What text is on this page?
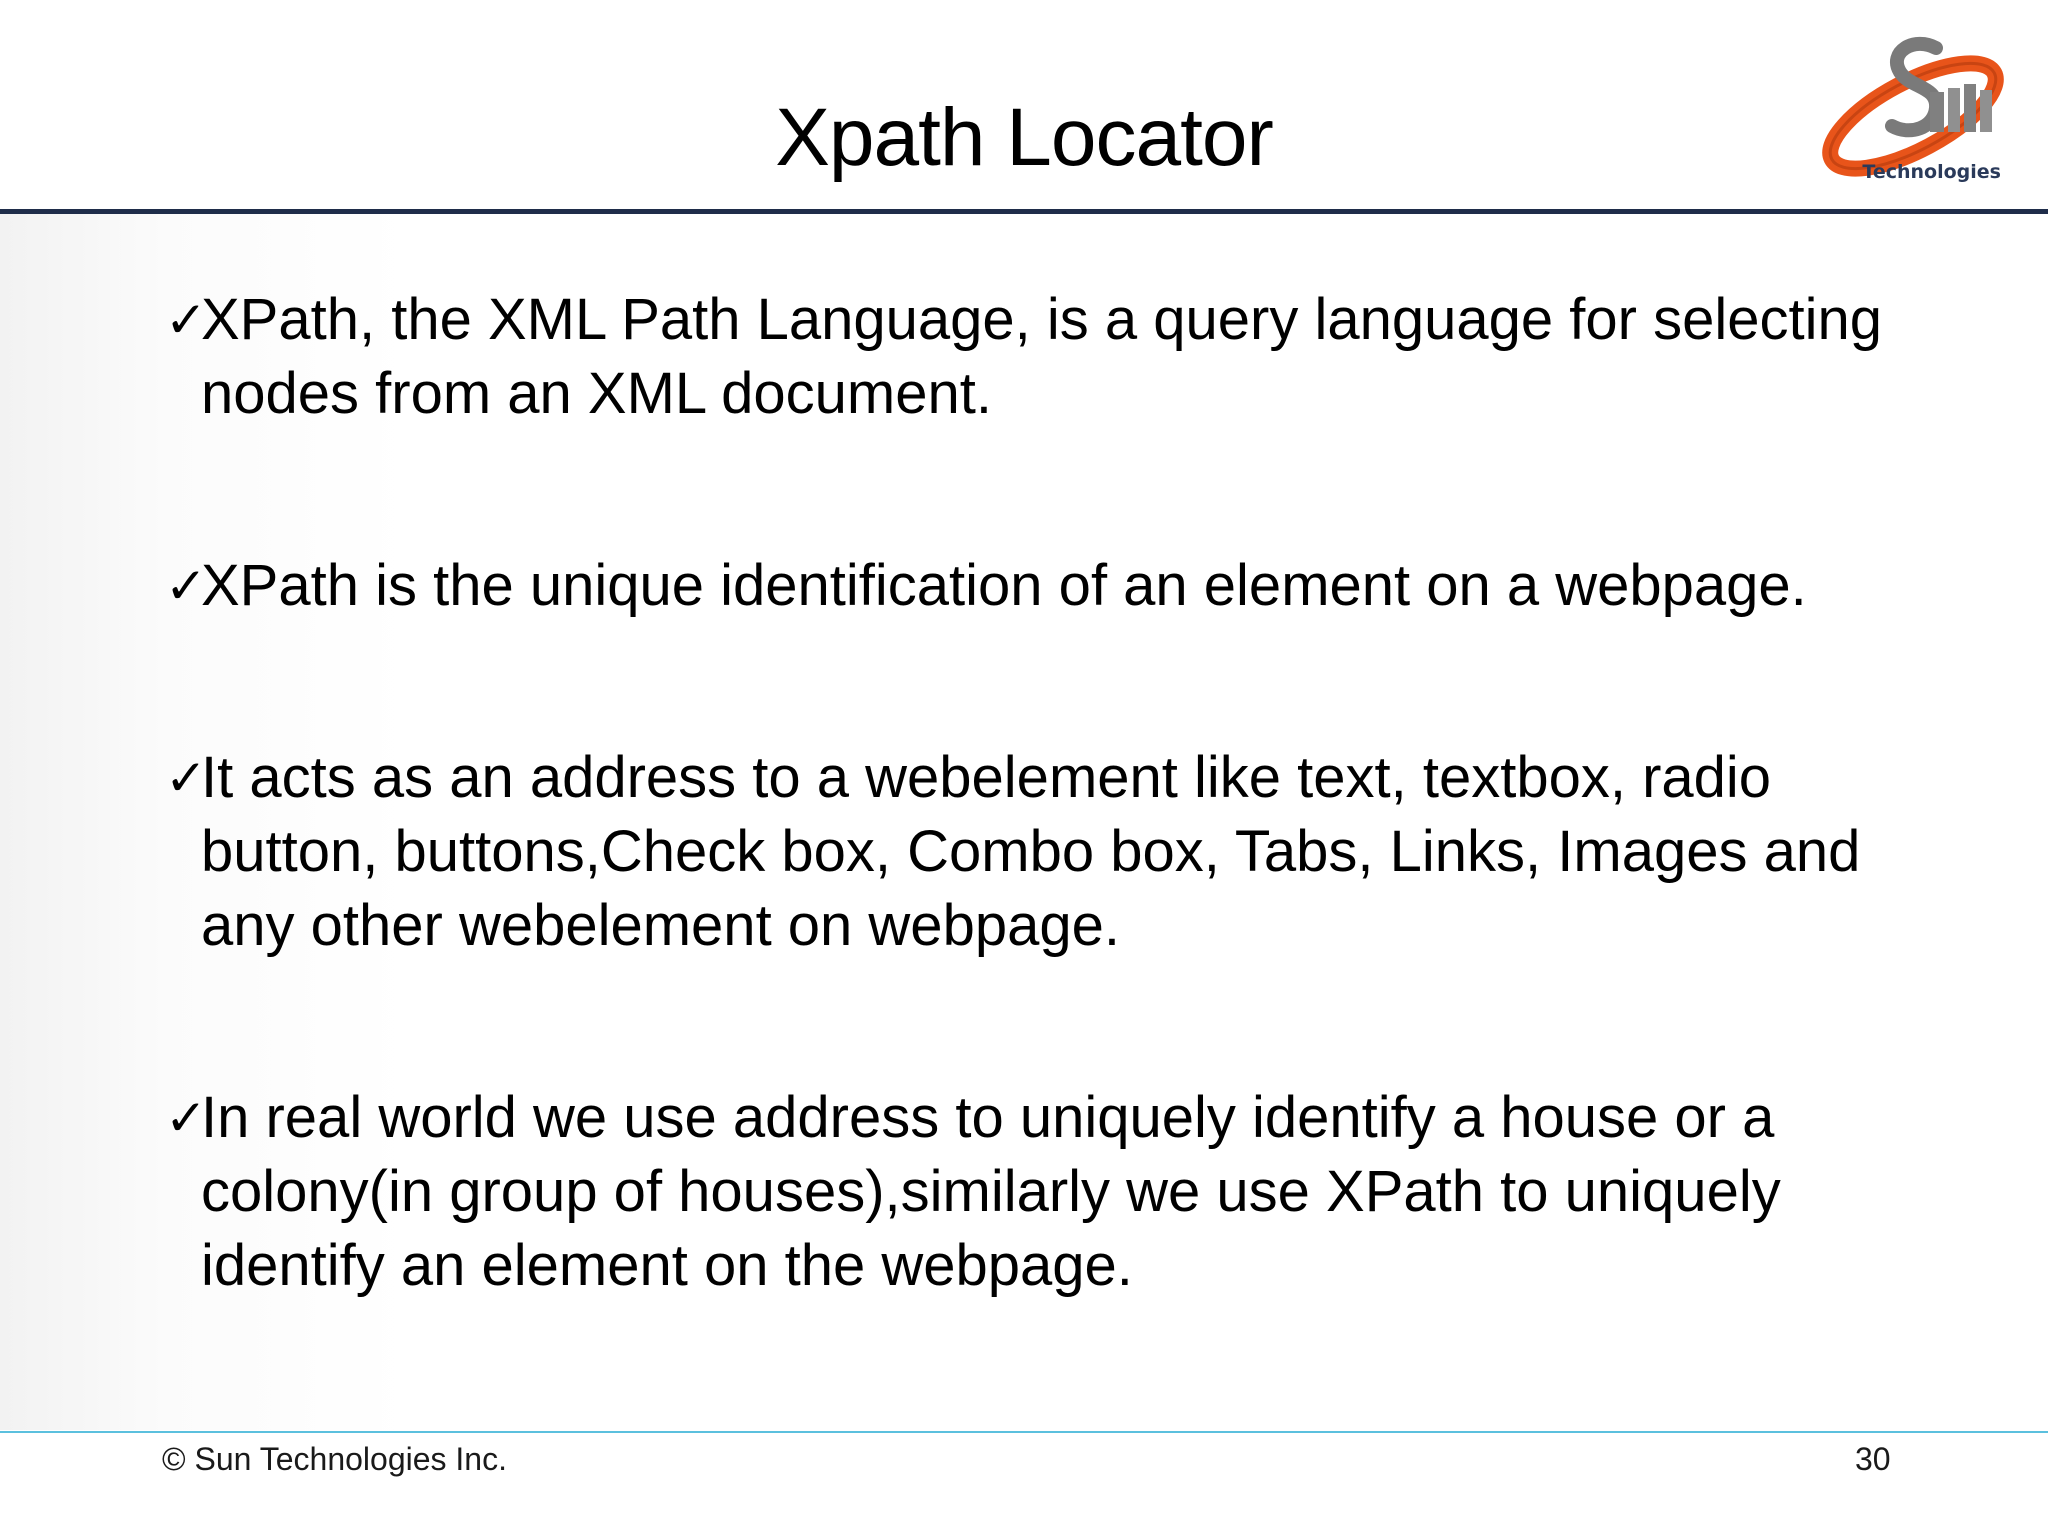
Xpath Locator	Technologies
✓
XPath, the XML Path Language, is a query language for selecting nodes from an XML document.
✓
XPath is the unique identification of an element on a webpage.
✓
It acts as an address to a webelement like text, textbox, radio button, buttons,Check box, Combo box, Tabs, Links, Images and any other webelement on webpage.
✓
In real world we use address to uniquely identify a house or a colony(in group of houses),similarly we use XPath to uniquely identify an element on the webpage.
© Sun Technologies Inc.	30
